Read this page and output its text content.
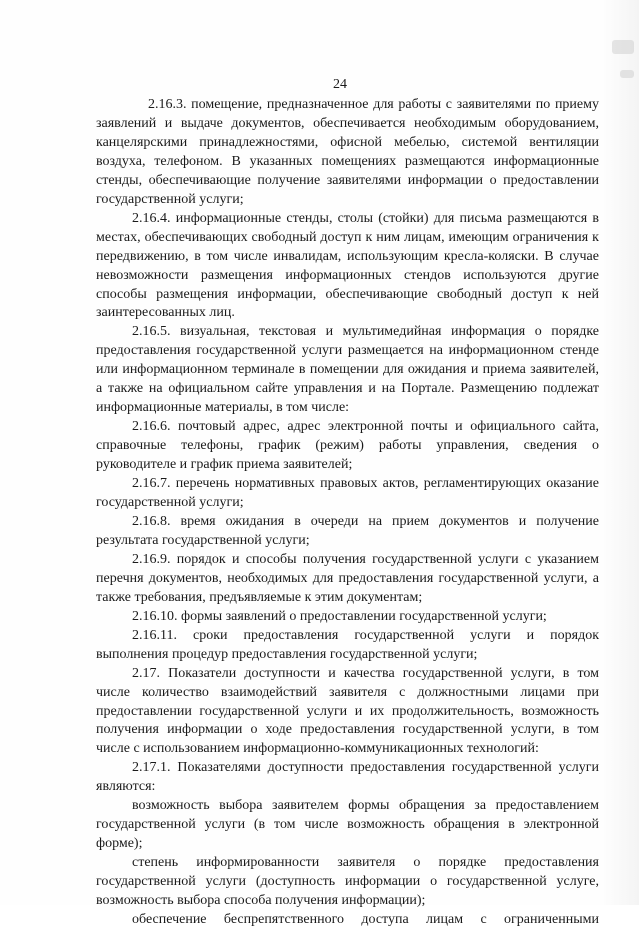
24

2.16.3. помещение, предназначенное для работы с заявителями по приему заявлений и выдаче документов, обеспечивается необходимым оборудованием, канцелярскими принадлежностями, офисной мебелью, системой вентиляции воздуха, телефоном. В указанных помещениях размещаются информационные стенды, обеспечивающие получение заявителями информации о предоставлении государственной услуги;

2.16.4. информационные стенды, столы (стойки) для письма размещаются в местах, обеспечивающих свободный доступ к ним лицам, имеющим ограничения к передвижению, в том числе инвалидам, использующим кресла-коляски. В случае невозможности размещения информационных стендов используются другие способы размещения информации, обеспечивающие свободный доступ к ней заинтересованных лиц.

2.16.5. визуальная, текстовая и мультимедийная информация о порядке предоставления государственной услуги размещается на информационном стенде или информационном терминале в помещении для ожидания и приема заявителей, а также на официальном сайте управления и на Портале. Размещению подлежат информационные материалы, в том числе:

2.16.6. почтовый адрес, адрес электронной почты и официального сайта, справочные телефоны, график (режим) работы управления, сведения о руководителе и график приема заявителей;

2.16.7. перечень нормативных правовых актов, регламентирующих оказание государственной услуги;

2.16.8. время ожидания в очереди на прием документов и получение результата государственной услуги;

2.16.9. порядок и способы получения государственной услуги с указанием перечня документов, необходимых для предоставления государственной услуги, а также требования, предъявляемые к этим документам;

2.16.10. формы заявлений о предоставлении государственной услуги;

2.16.11. сроки предоставления государственной услуги и порядок выполнения процедур предоставления государственной услуги;

2.17. Показатели доступности и качества государственной услуги, в том числе количество взаимодействий заявителя с должностными лицами при предоставлении государственной услуги и их продолжительность, возможность получения информации о ходе предоставления государственной услуги, в том числе с использованием информационно-коммуникационных технологий:

2.17.1. Показателями доступности предоставления государственной услуги являются:

возможность выбора заявителем формы обращения за предоставлением государственной услуги (в том числе возможность обращения в электронной форме);

степень информированности заявителя о порядке предоставления государственной услуги (доступность информации о государственной услуге, возможность выбора способа получения информации);

обеспечение беспрепятственного доступа лицам с ограниченными
